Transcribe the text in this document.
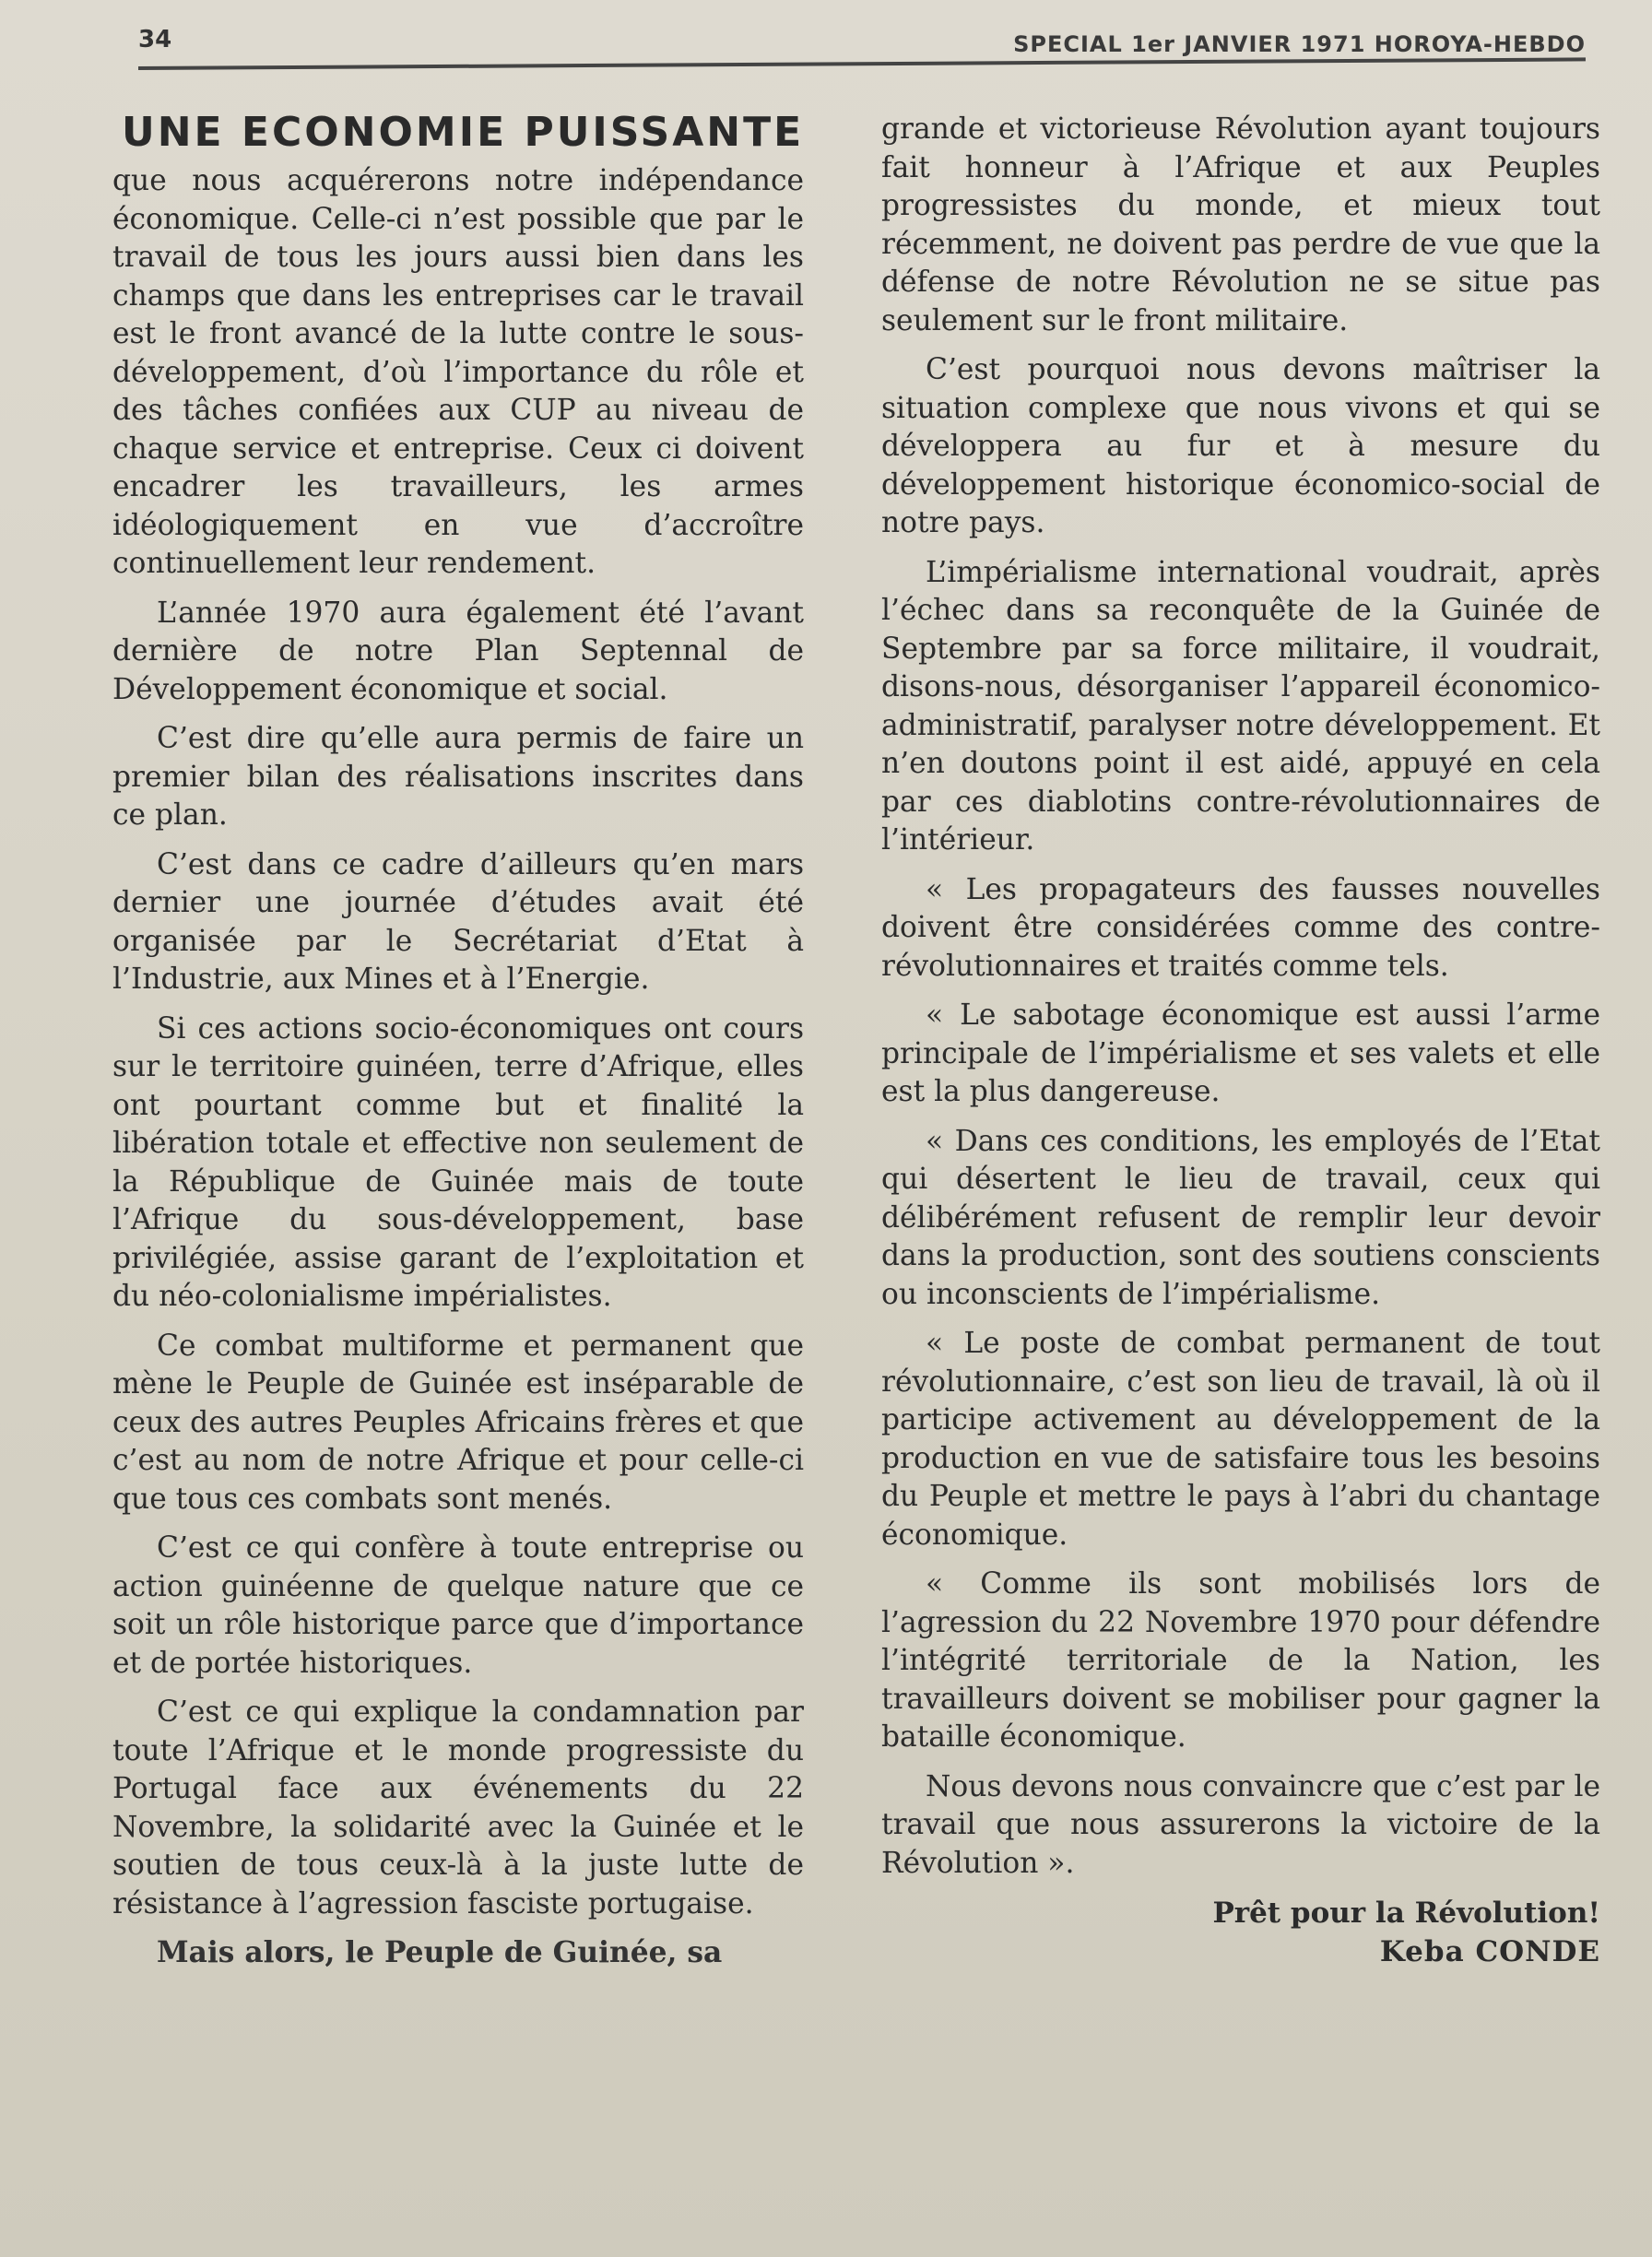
34	SPECIAL 1er JANVIER 1971 HOROYA-HEBDO
UNE ECONOMIE PUISSANTE

que nous acquérerons notre indépendance économique. Celle-ci n’est possible que par le travail de tous les jours aussi bien dans les champs que dans les entreprises car le travail est le front avancé de la lutte contre le sous-développement, d’où l’importance du rôle et des tâches confiées aux CUP au niveau de chaque service et entreprise. Ceux ci doivent encadrer les travailleurs, les armes idéologiquement en vue d’accroître continuellement leur rendement.

L’année 1970 aura également été l’avant dernière de notre Plan Septennal de Développement économique et social.

C’est dire qu’elle aura permis de faire un premier bilan des réalisations inscrites dans ce plan.

C’est dans ce cadre d’ailleurs qu’en mars dernier une journée d’études avait été organisée par le Secrétariat d’Etat à l’Industrie, aux Mines et à l’Energie.

Si ces actions socio-économiques ont cours sur le territoire guinéen, terre d’Afrique, elles ont pourtant comme but et finalité la libération totale et effective non seulement de la République de Guinée mais de toute l’Afrique du sous-développement, base privilégiée, assise garant de l’exploitation et du néo-colonialisme impérialistes.

Ce combat multiforme et permanent que mène le Peuple de Guinée est inséparable de ceux des autres Peuples Africains frères et que c’est au nom de notre Afrique et pour celle-ci que tous ces combats sont menés.

C’est ce qui confère à toute entreprise ou action guinéenne de quelque nature que ce soit un rôle historique parce que d’importance et de portée historiques.

C’est ce qui explique la condamnation par toute l’Afrique et le monde progressiste du Portugal face aux événements du 22 Novembre, la solidarité avec la Guinée et le soutien de tous ceux-là à la juste lutte de résistance à l’agression fasciste portugaise.

Mais alors, le Peuple de Guinée, sa

grande et victorieuse Révolution ayant toujours fait honneur à l’Afrique et aux Peuples progressistes du monde, et mieux tout récemment, ne doivent pas perdre de vue que la défense de notre Révolution ne se situe pas seulement sur le front militaire.

C’est pourquoi nous devons maîtriser la situation complexe que nous vivons et qui se développera au fur et à mesure du développement historique économico-social de notre pays.

L’impérialisme international voudrait, après l’échec dans sa reconquête de la Guinée de Septembre par sa force militaire, il voudrait, disons-nous, désorganiser l’appareil économico-administratif, paralyser notre développement. Et n’en doutons point il est aidé, appuyé en cela par ces diablotins contre-révolutionnaires de l’intérieur.

« Les propagateurs des fausses nouvelles doivent être considérées comme des contre-révolutionnaires et traités comme tels.

« Le sabotage économique est aussi l’arme principale de l’impérialisme et ses valets et elle est la plus dangereuse.

« Dans ces conditions, les employés de l’Etat qui désertent le lieu de travail, ceux qui délibérément refusent de remplir leur devoir dans la production, sont des soutiens conscients ou inconscients de l’impérialisme.

« Le poste de combat permanent de tout révolutionnaire, c’est son lieu de travail, là où il participe activement au développement de la production en vue de satisfaire tous les besoins du Peuple et mettre le pays à l’abri du chantage économique.

« Comme ils sont mobilisés lors de l’agression du 22 Novembre 1970 pour défendre l’intégrité territoriale de la Nation, les travailleurs doivent se mobiliser pour gagner la bataille économique.

Nous devons nous convaincre que c’est par le travail que nous assurerons la victoire de la Révolution ».

Prêt pour la Révolution!
Keba CONDE
